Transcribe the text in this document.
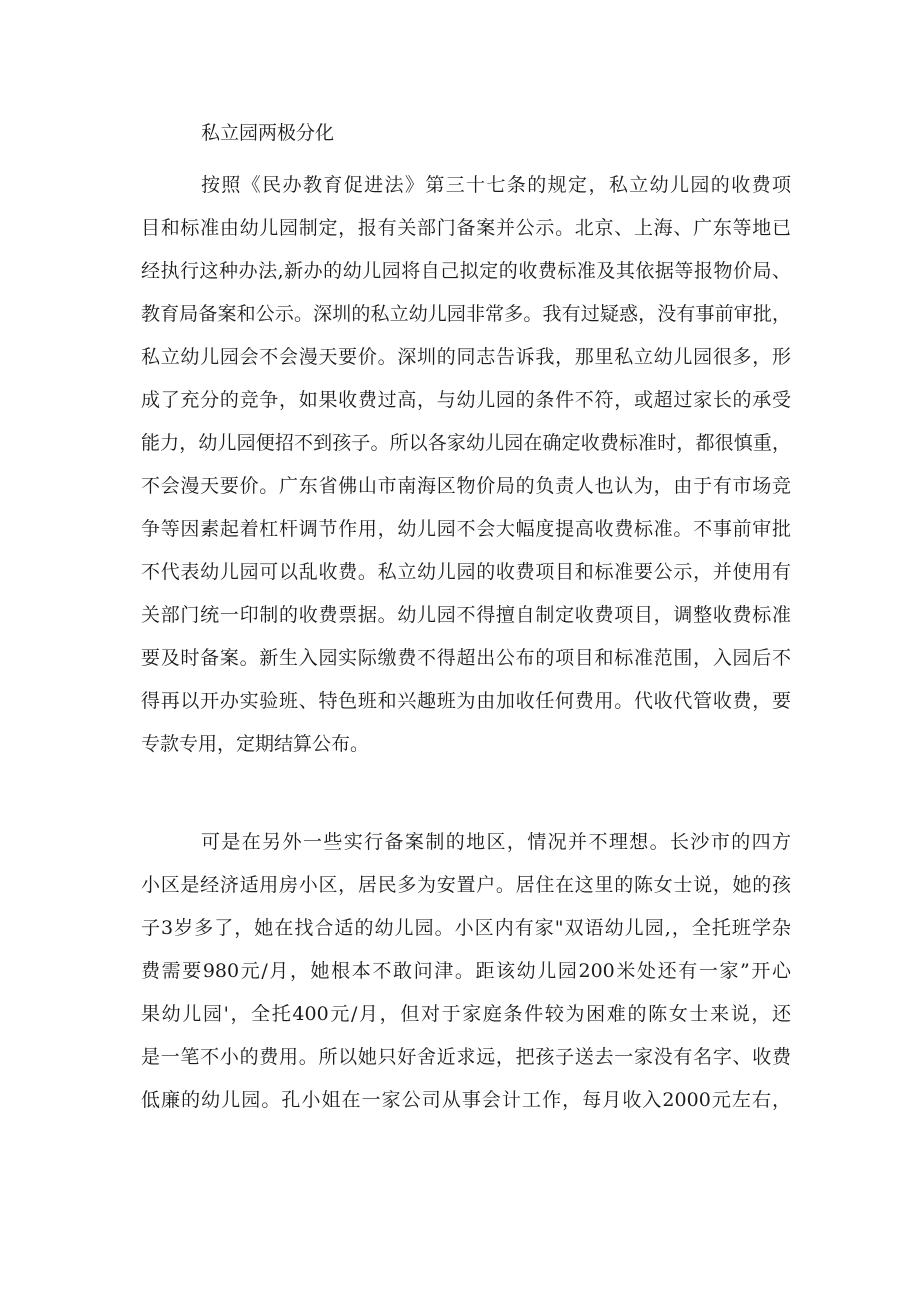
私立园两极分化

按照《民办教育促进法》第三十七条的规定，私立幼儿园的收费项
目和标准由幼儿园制定，报有关部门备案并公示。北京、上海、广东等地已
经执行这种办法,新办的幼儿园将自己拟定的收费标准及其依据等报物价局、
教育局备案和公示。深圳的私立幼儿园非常多。我有过疑惑，没有事前审批，
私立幼儿园会不会漫天要价。深圳的同志告诉我，那里私立幼儿园很多，形
成了充分的竞争，如果收费过高，与幼儿园的条件不符，或超过家长的承受
能力，幼儿园便招不到孩子。所以各家幼儿园在确定收费标准时，都很慎重，
不会漫天要价。广东省佛山市南海区物价局的负责人也认为，由于有市场竞
争等因素起着杠杆调节作用，幼儿园不会大幅度提高收费标准。不事前审批
不代表幼儿园可以乱收费。私立幼儿园的收费项目和标准要公示，并使用有
关部门统一印制的收费票据。幼儿园不得擅自制定收费项目，调整收费标准
要及时备案。新生入园实际缴费不得超出公布的项目和标准范围，入园后不
得再以开办实验班、特色班和兴趣班为由加收任何费用。代收代管收费，要
专款专用，定期结算公布。
可是在另外一些实行备案制的地区，情况并不理想。长沙市的四方
小区是经济适用房小区，居民多为安置户。居住在这里的陈女士说，她的孩
子3岁多了，她在找合适的幼儿园。小区内有家"双语幼儿园,，全托班学杂
费需要980元/月，她根本不敢问津。距该幼儿园200米处还有一家”开心
果幼儿园'，全托400元/月，但对于家庭条件较为困难的陈女士来说，还
是一笔不小的费用。所以她只好舍近求远，把孩子送去一家没有名字、收费
低廉的幼儿园。孔小姐在一家公司从事会计工作，每月收入2000元左右，
